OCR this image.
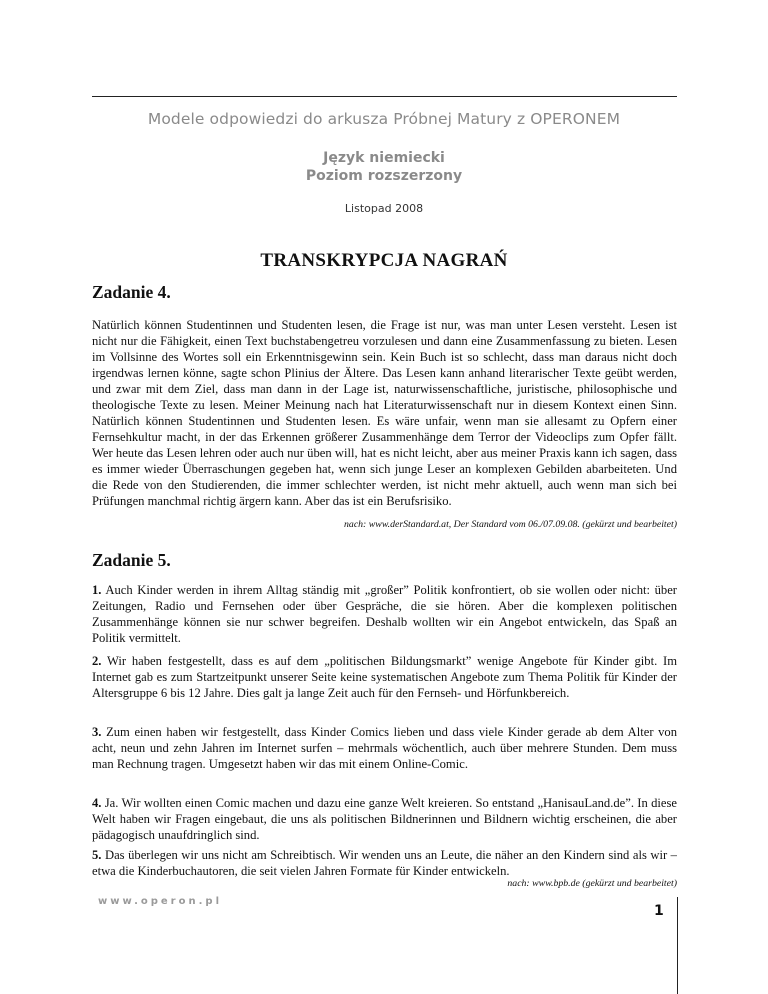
Modele odpowiedzi do arkusza Próbnej Matury z OPERONEM
Język niemiecki
Poziom rozszerzony
Listopad 2008
TRANSKRYPCJA NAGRAŃ
Zadanie 4.

Natürlich können Studentinnen und Studenten lesen, die Frage ist nur, was man unter Lesen versteht. Lesen ist nicht nur die Fähigkeit, einen Text buchstabengetreu vorzulesen und dann eine Zusammenfassung zu bieten. Lesen im Vollsinne des Wortes soll ein Erkenntnisgewinn sein. Kein Buch ist so schlecht, dass man daraus nicht doch irgendwas lernen könne, sagte schon Plinius der Ältere. Das Lesen kann anhand literarischer Texte geübt werden, und zwar mit dem Ziel, dass man dann in der Lage ist, naturwissenschaftliche, juristische, philosophische und theologische Texte zu lesen. Meiner Meinung nach hat Literaturwissenschaft nur in diesem Kontext einen Sinn. Natürlich können Studentinnen und Studenten lesen. Es wäre unfair, wenn man sie allesamt zu Opfern einer Fernsehkultur macht, in der das Erkennen größerer Zusammenhänge dem Terror der Videoclips zum Opfer fällt. Wer heute das Lesen lehren oder auch nur üben will, hat es nicht leicht, aber aus meiner Praxis kann ich sagen, dass es immer wieder Überraschungen gegeben hat, wenn sich junge Leser an komplexen Gebilden abarbeiteten. Und die Rede von den Studierenden, die immer schlechter werden, ist nicht mehr aktuell, auch wenn man sich bei Prüfungen manchmal richtig ärgern kann. Aber das ist ein Berufsrisiko.

nach: www.derStandard.at, Der Standard vom 06./07.09.08. (gekürzt und bearbeitet)
Zadanie 5.

1. Auch Kinder werden in ihrem Alltag ständig mit „großer” Politik konfrontiert, ob sie wollen oder nicht: über Zeitungen, Radio und Fernsehen oder über Gespräche, die sie hören. Aber die komplexen politischen Zusammenhänge können sie nur schwer begreifen. Deshalb wollten wir ein Angebot entwickeln, das Spaß an Politik vermittelt.

2. Wir haben festgestellt, dass es auf dem „politischen Bildungsmarkt” wenige Angebote für Kinder gibt. Im Internet gab es zum Startzeitpunkt unserer Seite keine systematischen Angebote zum Thema Politik für Kinder der Altersgruppe 6 bis 12 Jahre. Dies galt ja lange Zeit auch für den Fernseh- und Hörfunkbereich.

3. Zum einen haben wir festgestellt, dass Kinder Comics lieben und dass viele Kinder gerade ab dem Alter von acht, neun und zehn Jahren im Internet surfen – mehrmals wöchentlich, auch über mehrere Stunden. Dem muss man Rechnung tragen. Umgesetzt haben wir das mit einem Online-Comic.

4. Ja. Wir wollten einen Comic machen und dazu eine ganze Welt kreieren. So entstand „HanisauLand.de”. In diese Welt haben wir Fragen eingebaut, die uns als politischen Bildnerinnen und Bildnern wichtig erscheinen, die aber pädagogisch unaufdringlich sind.

5. Das überlegen wir uns nicht am Schreibtisch. Wir wenden uns an Leute, die näher an den Kindern sind als wir – etwa die Kinderbuchautoren, die seit vielen Jahren Formate für Kinder entwickeln.

nach: www.bpb.de (gekürzt und bearbeitet)
www.operon.pl
1
